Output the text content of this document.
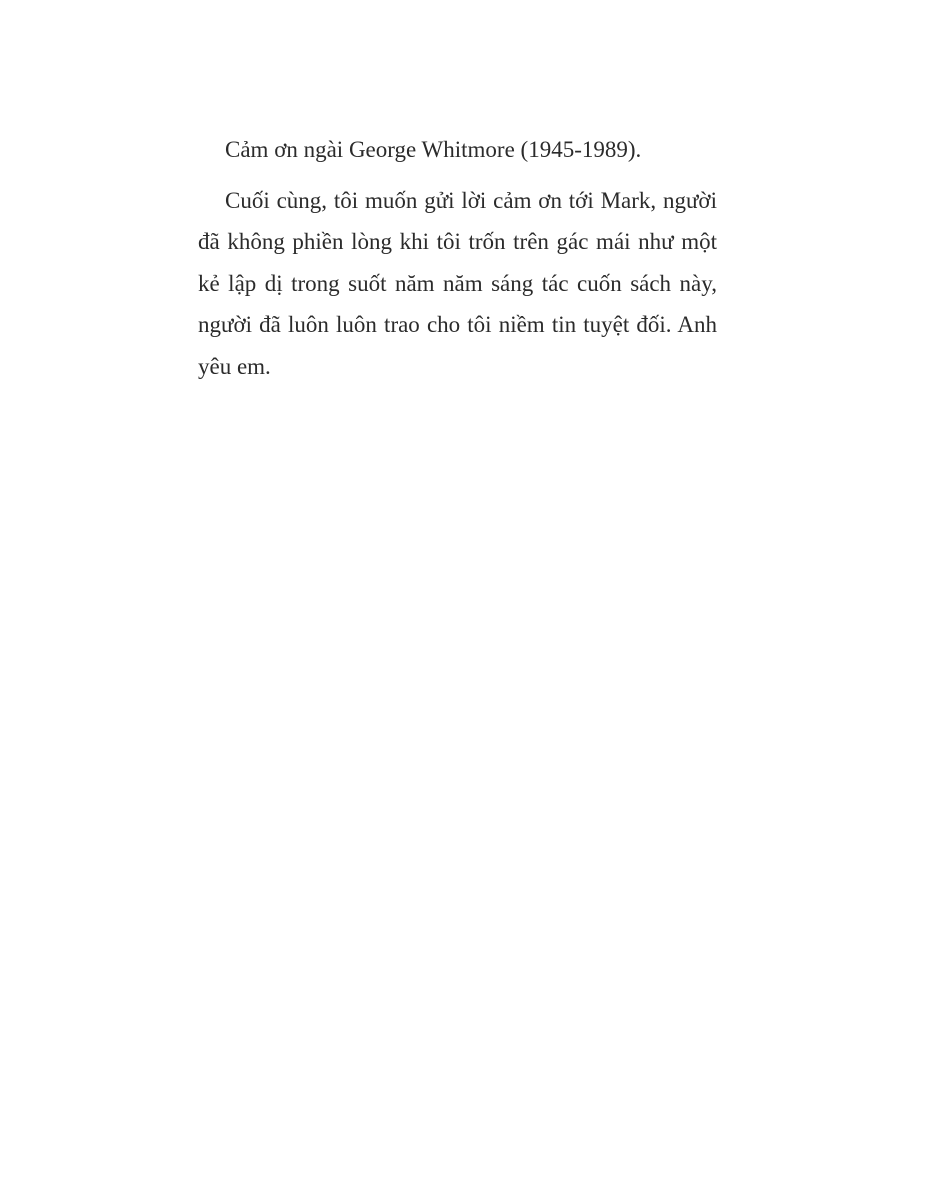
Cảm ơn ngài George Whitmore (1945-1989).

Cuối cùng, tôi muốn gửi lời cảm ơn tới Mark, người đã không phiền lòng khi tôi trốn trên gác mái như một kẻ lập dị trong suốt năm năm sáng tác cuốn sách này, người đã luôn luôn trao cho tôi niềm tin tuyệt đối. Anh yêu em.
